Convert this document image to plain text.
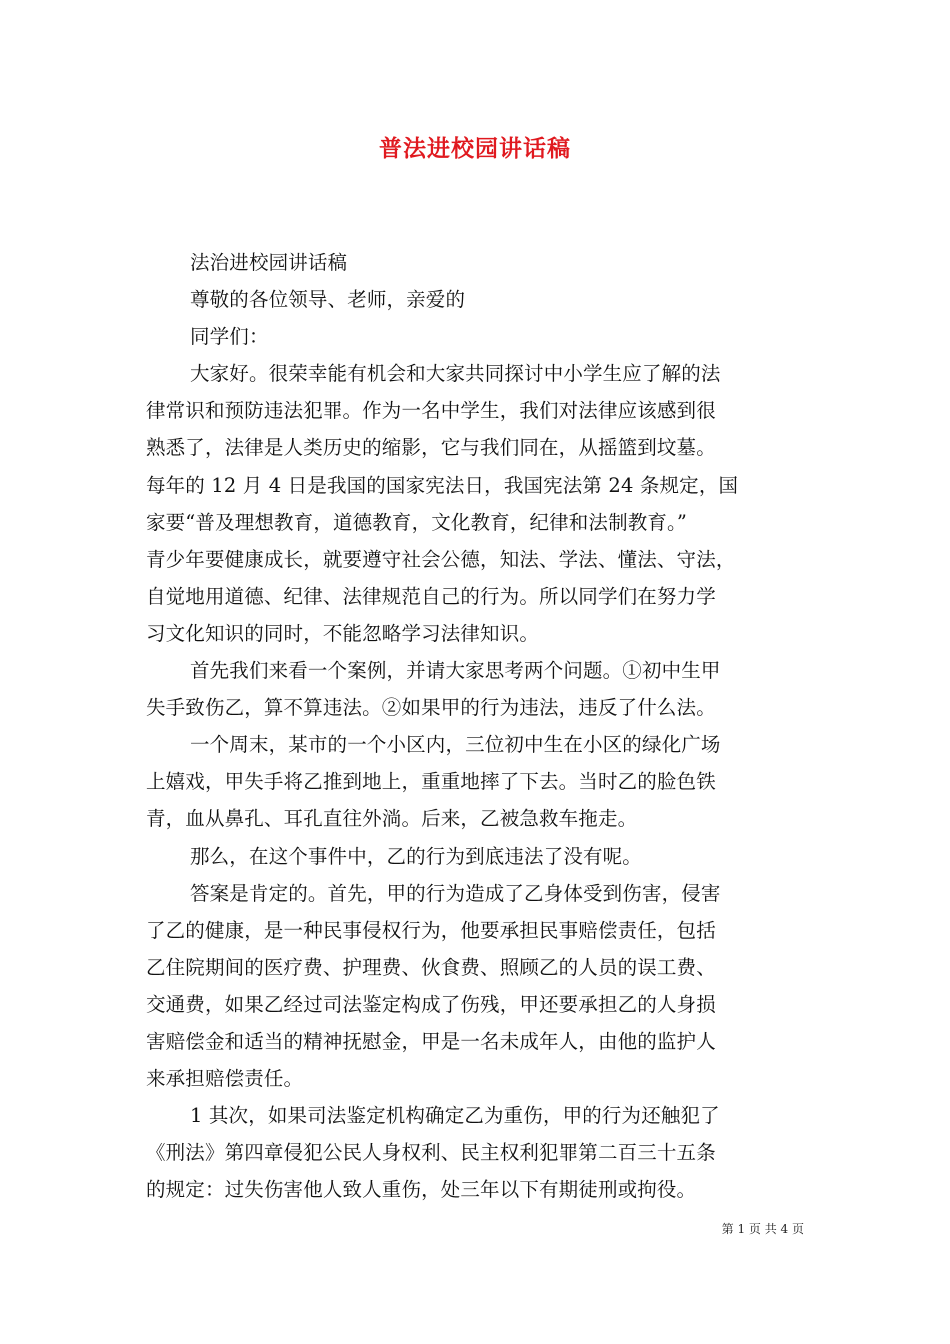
普法进校园讲话稿
法治进校园讲话稿
尊敬的各位领导、老师，亲爱的
同学们：
大家好。很荣幸能有机会和大家共同探讨中小学生应了解的法
律常识和预防违法犯罪。作为一名中学生，我们对法律应该感到很
熟悉了，法律是人类历史的缩影，它与我们同在，从摇篮到坟墓。
每年的 12 月 4 日是我国的国家宪法日，我国宪法第 24 条规定，国
家要“普及理想教育，道德教育，文化教育，纪律和法制教育。”
青少年要健康成长，就要遵守社会公德，知法、学法、懂法、守法，
自觉地用道德、纪律、法律规范自己的行为。所以同学们在努力学
习文化知识的同时，不能忽略学习法律知识。
首先我们来看一个案例，并请大家思考两个问题。①初中生甲
失手致伤乙，算不算违法。②如果甲的行为违法，违反了什么法。
一个周末，某市的一个小区内，三位初中生在小区的绿化广场
上嬉戏，甲失手将乙推到地上，重重地摔了下去。当时乙的脸色铁
青，血从鼻孔、耳孔直往外淌。后来，乙被急救车拖走。
那么，在这个事件中，乙的行为到底违法了没有呢。
答案是肯定的。首先，甲的行为造成了乙身体受到伤害，侵害
了乙的健康，是一种民事侵权行为，他要承担民事赔偿责任，包括
乙住院期间的医疗费、护理费、伙食费、照顾乙的人员的误工费、
交通费，如果乙经过司法鉴定构成了伤残，甲还要承担乙的人身损
害赔偿金和适当的精神抚慰金，甲是一名未成年人，由他的监护人
来承担赔偿责任。
1 其次，如果司法鉴定机构确定乙为重伤，甲的行为还触犯了
《刑法》第四章侵犯公民人身权利、民主权利犯罪第二百三十五条
的规定：过失伤害他人致人重伤，处三年以下有期徒刑或拘役。
第 1 页 共 4 页
